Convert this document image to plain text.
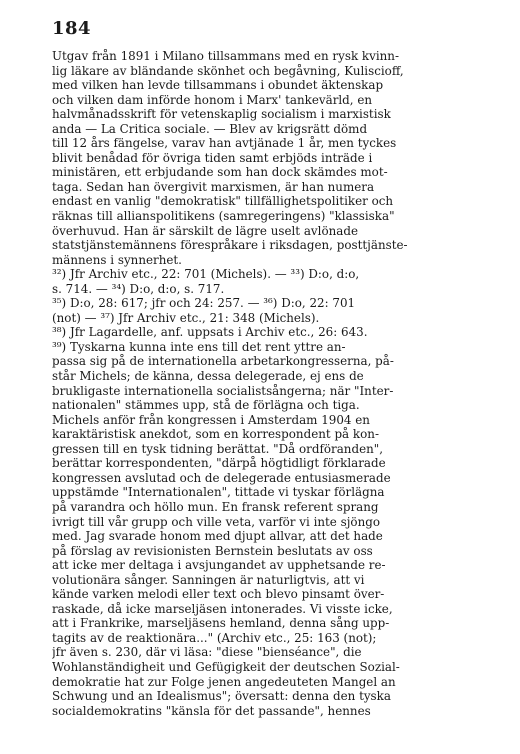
184
Utgav från 1891 i Milano tillsammans med en rysk kvinn-
lig läkare av bländande skönhet och begåvning, Kuliscioff,
med vilken han levde tillsammans i obundet äktenskap
och vilken dam införde honom i Marx' tankevärld, en
halvmånadsskrift för vetenskaplig socialism i marxistisk
anda — La Critica sociale. — Blev av krigsrätt dömd
till 12 års fängelse, varav han avtjänade 1 år, men tyckes
blivit benådad för övriga tiden samt erbjöds inträde i
ministären, ett erbjudande som han dock skämdes mot-
taga. Sedan han övergivit marxismen, är han numera
endast en vanlig "demokratisk" tillfällighetspolitiker och
räknas till allianspolitikens (samregeringens) "klassiska"
överhuvud. Han är särskilt de lägre uselt avlönade
statstjänstemännens förespråkare i riksdagen, posttjänste-
männens i synnerhet.
³²) Jfr Archiv etc., 22: 701 (Michels). — ³³) D:o, d:o,
s. 714. — ³⁴) D:o, d:o, s. 717.
³⁵) D:o, 28: 617; jfr och 24: 257. — ³⁶) D:o, 22: 701
(not) — ³⁷) Jfr Archiv etc., 21: 348 (Michels).
³⁸) Jfr Lagardelle, anf. uppsats i Archiv etc., 26: 643.
³⁹) Tyskarna kunna inte ens till det rent yttre an-
passa sig på de internationella arbetarkongresserna, på-
står Michels; de känna, dessa delegerade, ej ens de
brukligaste internationella socialistsångerna; när "Inter-
nationalen" stämmes upp, stå de förlägna och tiga.
Michels anför från kongressen i Amsterdam 1904 en
karaktäristisk anekdot, som en korrespondent på kon-
gressen till en tysk tidning berättat. "Då ordföranden",
berättar korrespondenten, "därpå högtidligt förklarade
kongressen avslutad och de delegerade entusiasmerade
uppstämde "Internationalen", tittade vi tyskar förlägna
på varandra och höllo mun. En fransk referent sprang
ivrigt till vår grupp och ville veta, varför vi inte sjöngo
med. Jag svarade honom med djupt allvar, att det hade
på förslag av revisionisten Bernstein beslutats av oss
att icke mer deltaga i avsjungandet av upphetsande re-
volutionära sånger. Sanningen är naturligtvis, att vi
kände varken melodi eller text och blevo pinsamt över-
raskade, då icke marseljäsen intonerades. Vi visste icke,
att i Frankrike, marseljäsens hemland, denna sång upp-
tagits av de reaktionära..." (Archiv etc., 25: 163 (not);
jfr även s. 230, där vi läsa: "diese "bienséance", die
Wohlanständigheit und Gefügigkeit der deutschen Sozial-
demokratie hat zur Folge jenen angedeuteten Mangel an
Schwung und an Idealismus"; översatt: denna den tyska
socialdemokratins "känsla för det passande", hennes
